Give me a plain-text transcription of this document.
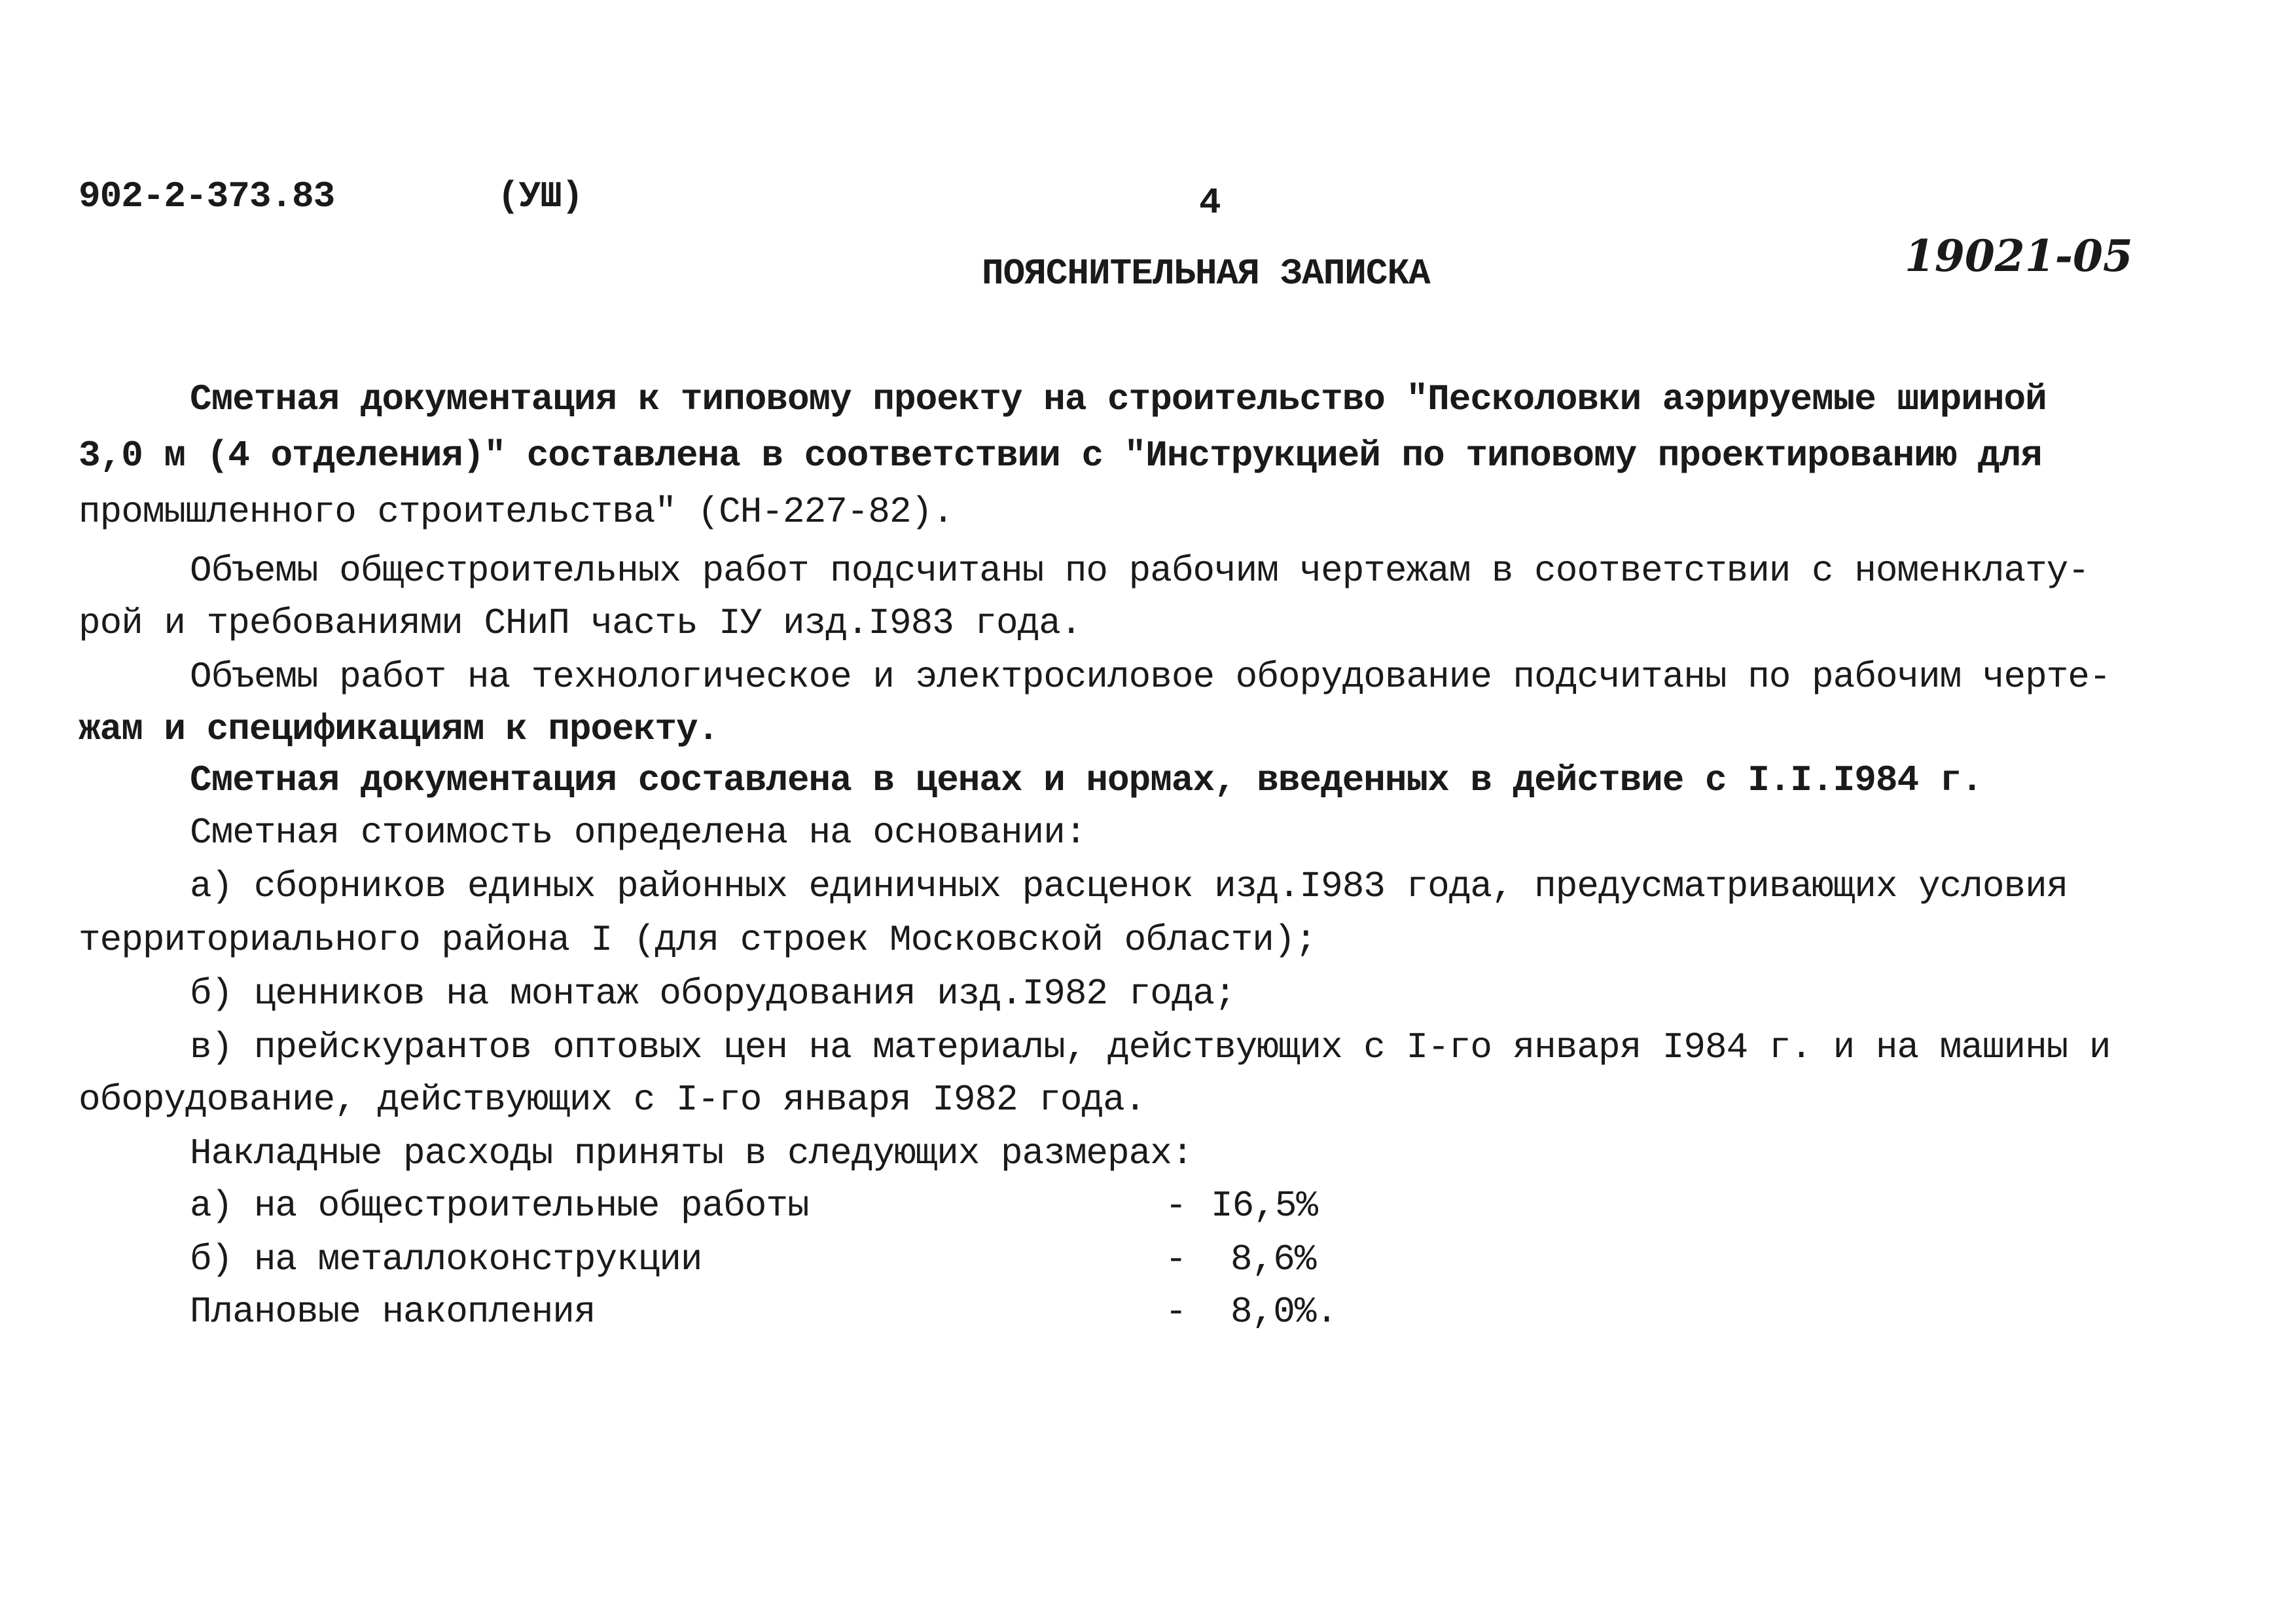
902-2-373.83	(УШ)	4
ПОЯСНИТЕЛЬНАЯ ЗАПИСКА	19021-05
Сметная документация к типовому проекту на строительство "Песколовки аэрируемые шириной
3,0 м (4 отделения)" составлена в соответствии с "Инструкцией по типовому проектированию для
промышленного строительства" (СН-227-82).
Объемы общестроительных работ подсчитаны по рабочим чертежам в соответствии с номенклату-
рой и требованиями СНиП часть IУ изд.I983 года.
Объемы работ на технологическое и электросиловое оборудование подсчитаны по рабочим черте-
жам и спецификациям к проекту.
Сметная документация составлена в ценах и нормах, введенных в действие с I.I.I984 г.
Сметная стоимость определена на основании:
а) сборников единых районных единичных расценок изд.I983 года, предусматривающих условия
территориального района I (для строек Московской области);
б) ценников на монтаж оборудования изд.I982 года;
в) прейскурантов оптовых цен на материалы, действующих с I-го января I984 г. и на машины и
оборудование, действующих с I-го января I982 года.
Накладные расходы приняты в следующих размерах:
а) на общестроительные работы	- I6,5%
б) на металлоконструкции	- 8,6%
Плановые накопления	- 8,0%.
